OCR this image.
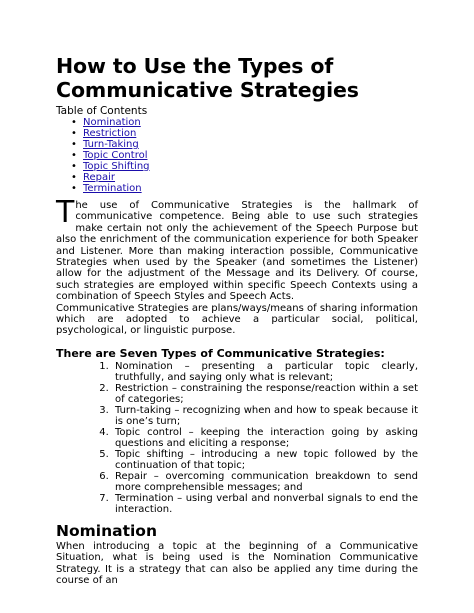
How to Use the Types of Communicative Strategies
Table of Contents
• Nomination
• Restriction
• Turn-Taking
• Topic Control
• Topic Shifting
• Repair
• Termination
T he use of Communicative Strategies is the hallmark of communicative competence. Being able to use such strategies make certain not only the achievement of the Speech Purpose but also the enrichment of the communication experience for both Speaker and Listener. More than making interaction possible, Communicative Strategies when used by the Speaker (and sometimes the Listener) allow for the adjustment of the Message and its Delivery. Of course, such strategies are employed within specific Speech Contexts using a combination of Speech Styles and Speech Acts.

Communicative Strategies are plans/ways/means of sharing information which are adopted to achieve a particular social, political, psychological, or linguistic purpose.

There are Seven Types of Communicative Strategies:
1. Nomination – presenting a particular topic clearly, truthfully, and saying only what is relevant;
2. Restriction – constraining the response/reaction within a set of categories;
3. Turn-taking – recognizing when and how to speak because it is one’s turn;
4. Topic control – keeping the interaction going by asking questions and eliciting a response;
5. Topic shifting – introducing a new topic followed by the continuation of that topic;
6. Repair – overcoming communication breakdown to send more comprehensible messages; and
7. Termination – using verbal and nonverbal signals to end the interaction.
Nomination

When introducing a topic at the beginning of a Communicative Situation, what is being used is the Nomination Communicative Strategy. It is a strategy that can also be applied any time during the course of an
